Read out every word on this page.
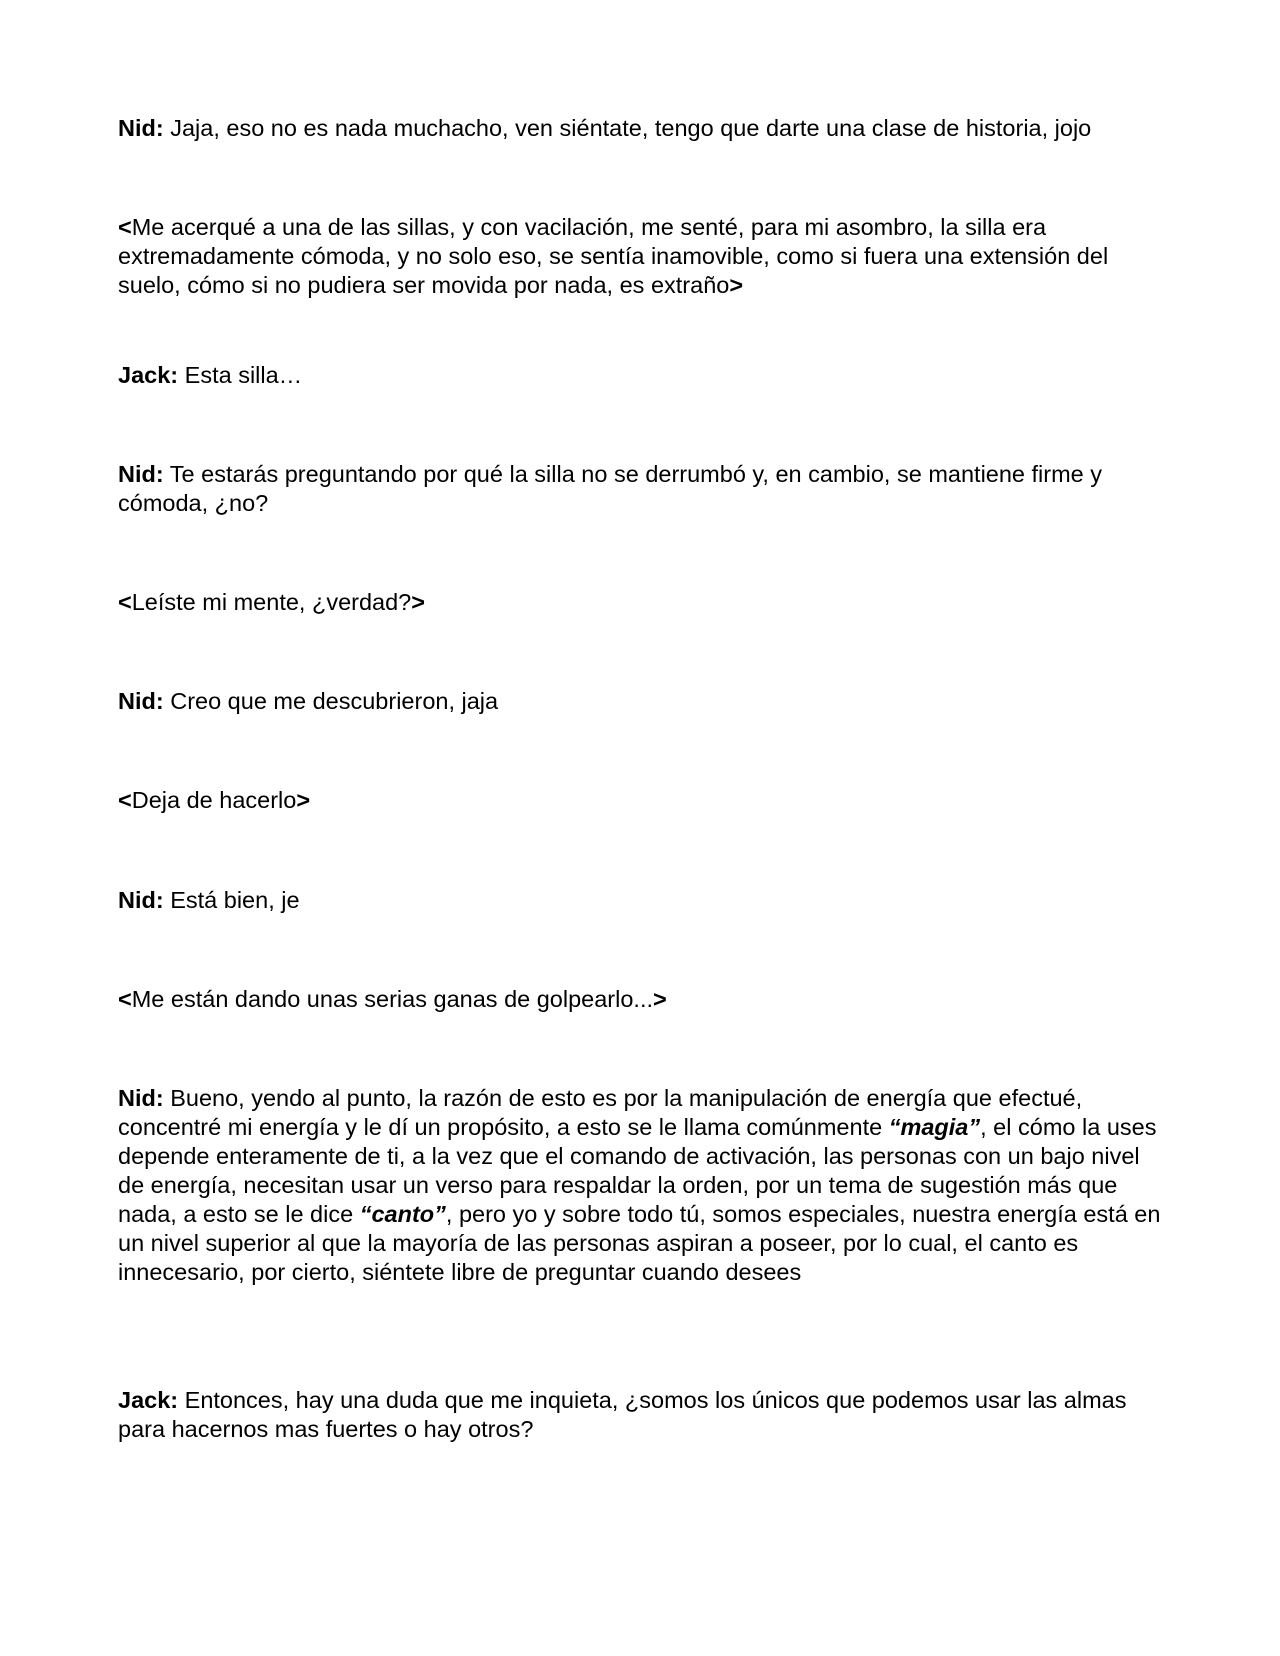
Nid: Jaja, eso no es nada muchacho, ven siéntate, tengo que darte una clase de historia, jojo

<Me acerqué a una de las sillas, y con vacilación, me senté, para mi asombro, la silla era extremadamente cómoda, y no solo eso, se sentía inamovible, como si fuera una extensión del suelo, cómo si no pudiera ser movida por nada, es extraño>

Jack: Esta silla…

Nid: Te estarás preguntando por qué la silla no se derrumbó y, en cambio, se mantiene firme y cómoda, ¿no?

<Leíste mi mente, ¿verdad?>

Nid: Creo que me descubrieron, jaja

<Deja de hacerlo>

Nid: Está bien, je

<Me están dando unas serias ganas de golpearlo...>

Nid: Bueno, yendo al punto, la razón de esto es por la manipulación de energía que efectué, concentré mi energía y le dí un propósito, a esto se le llama comúnmente “magia”, el cómo la uses depende enteramente de ti, a la vez que el comando de activación, las personas con un bajo nivel de energía, necesitan usar un verso para respaldar la orden, por un tema de sugestión más que nada, a esto se le dice “canto”, pero yo y sobre todo tú, somos especiales, nuestra energía está en un nivel superior al que la mayoría de las personas aspiran a poseer, por lo cual, el canto es innecesario, por cierto, siéntete libre de preguntar cuando desees

Jack: Entonces, hay una duda que me inquieta, ¿somos los únicos que podemos usar las almas para hacernos mas fuertes o hay otros?
